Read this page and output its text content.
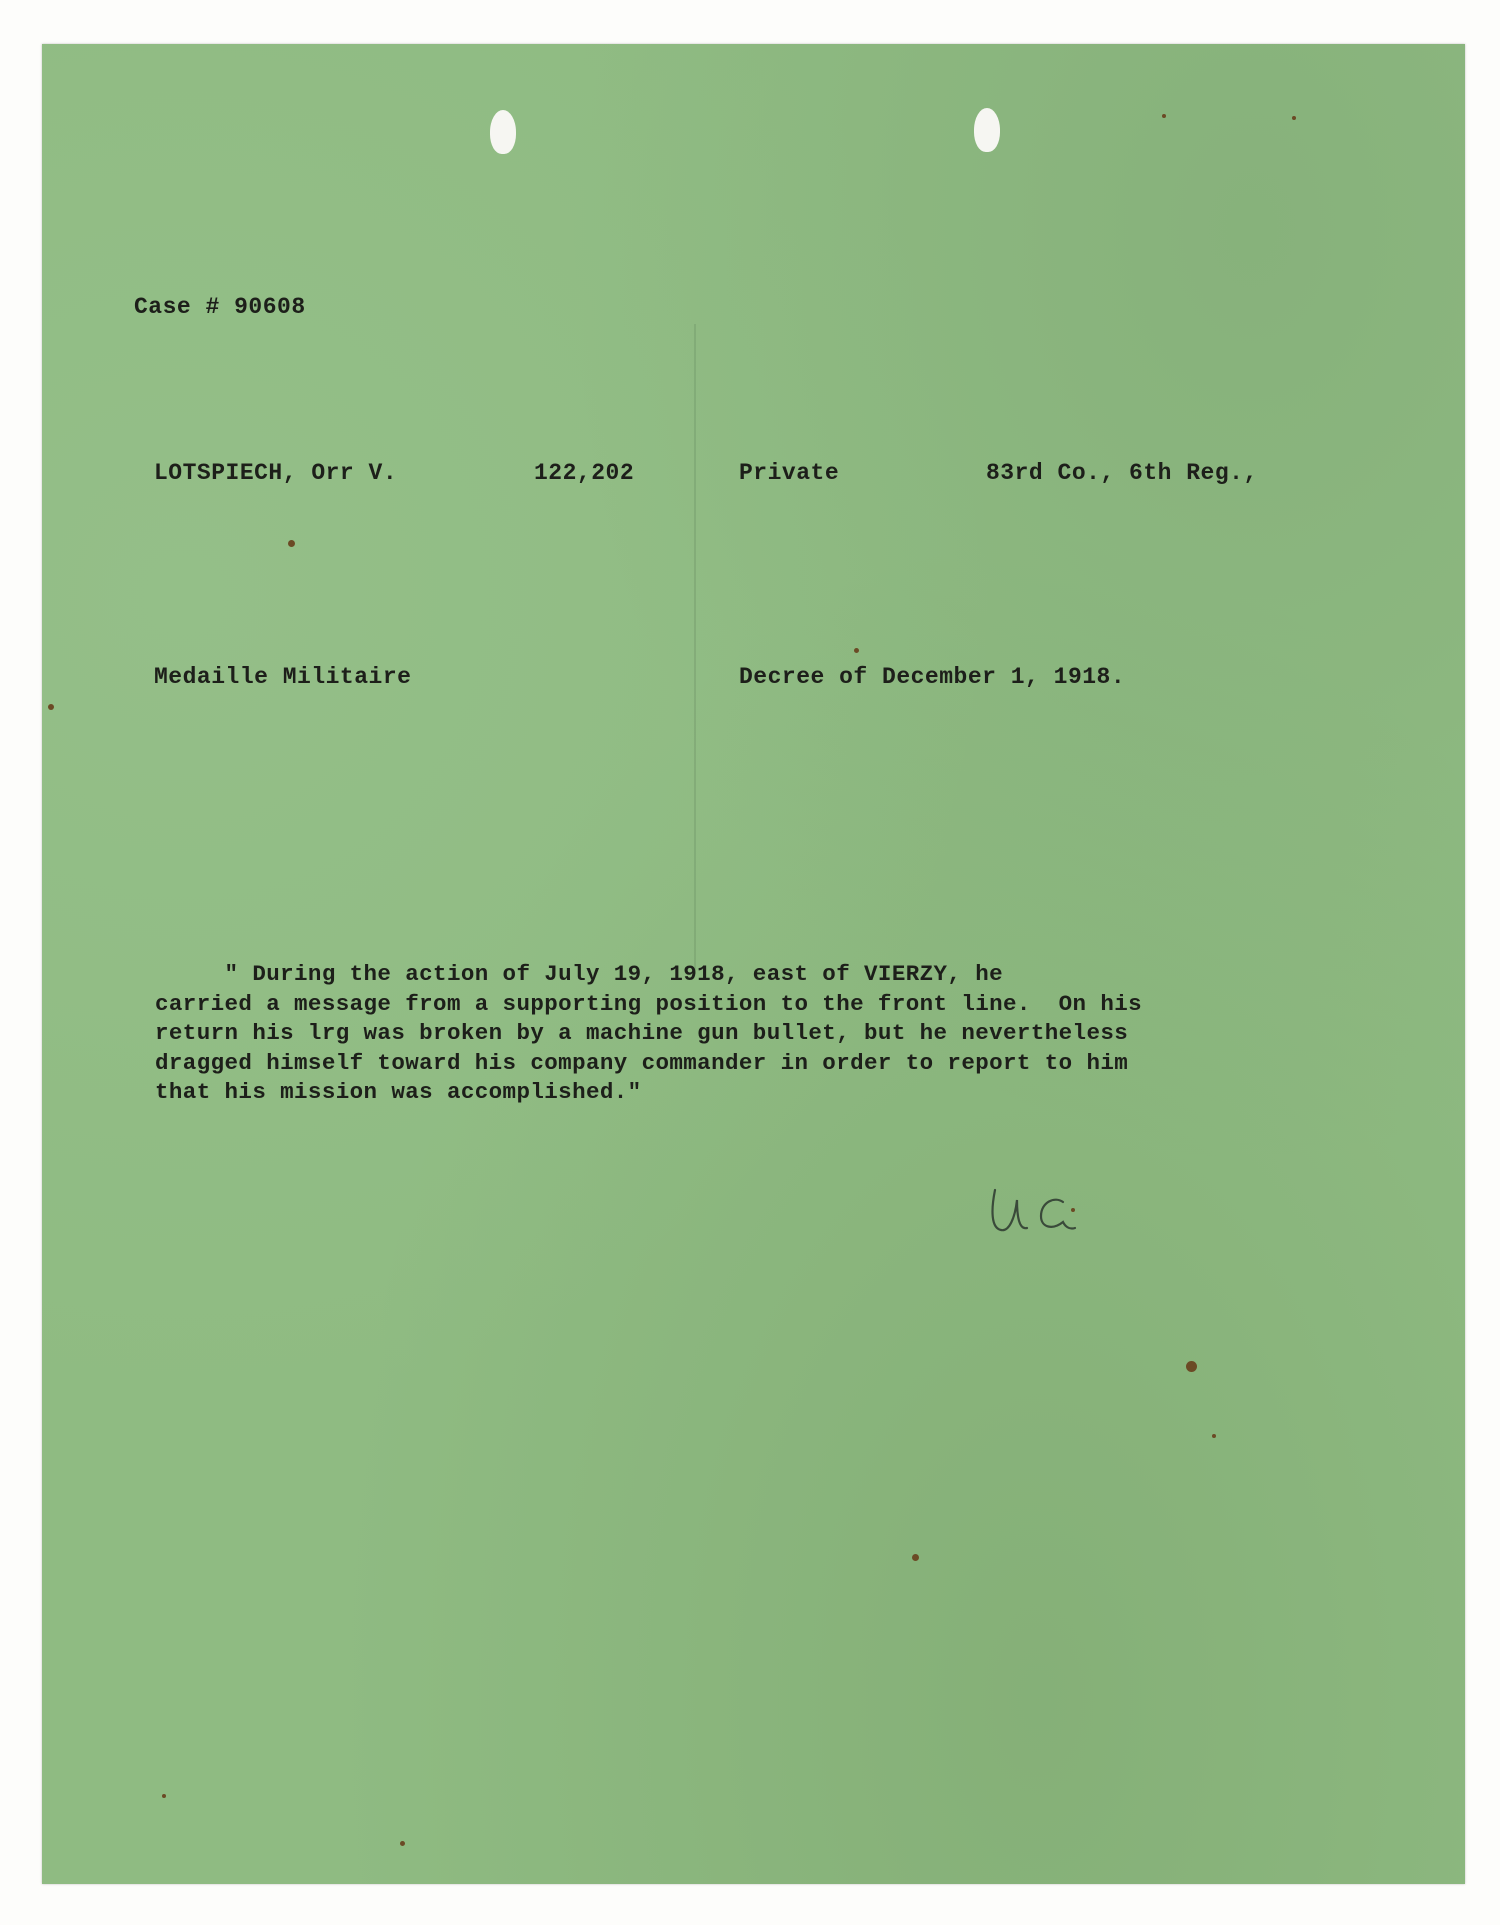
Case # 90608

LOTSPIECH, Orr V.	122,202	Private	83rd Co., 6th Reg.,

Medaille Militaire	Decree of December 1, 1918.

" During the action of July 19, 1918, east of VIERZY, he
carried a message from a supporting position to the front line.  On his
return his lrg was broken by a machine gun bullet, but he nevertheless
dragged himself toward his company commander in order to report to him
that his mission was accomplished."
